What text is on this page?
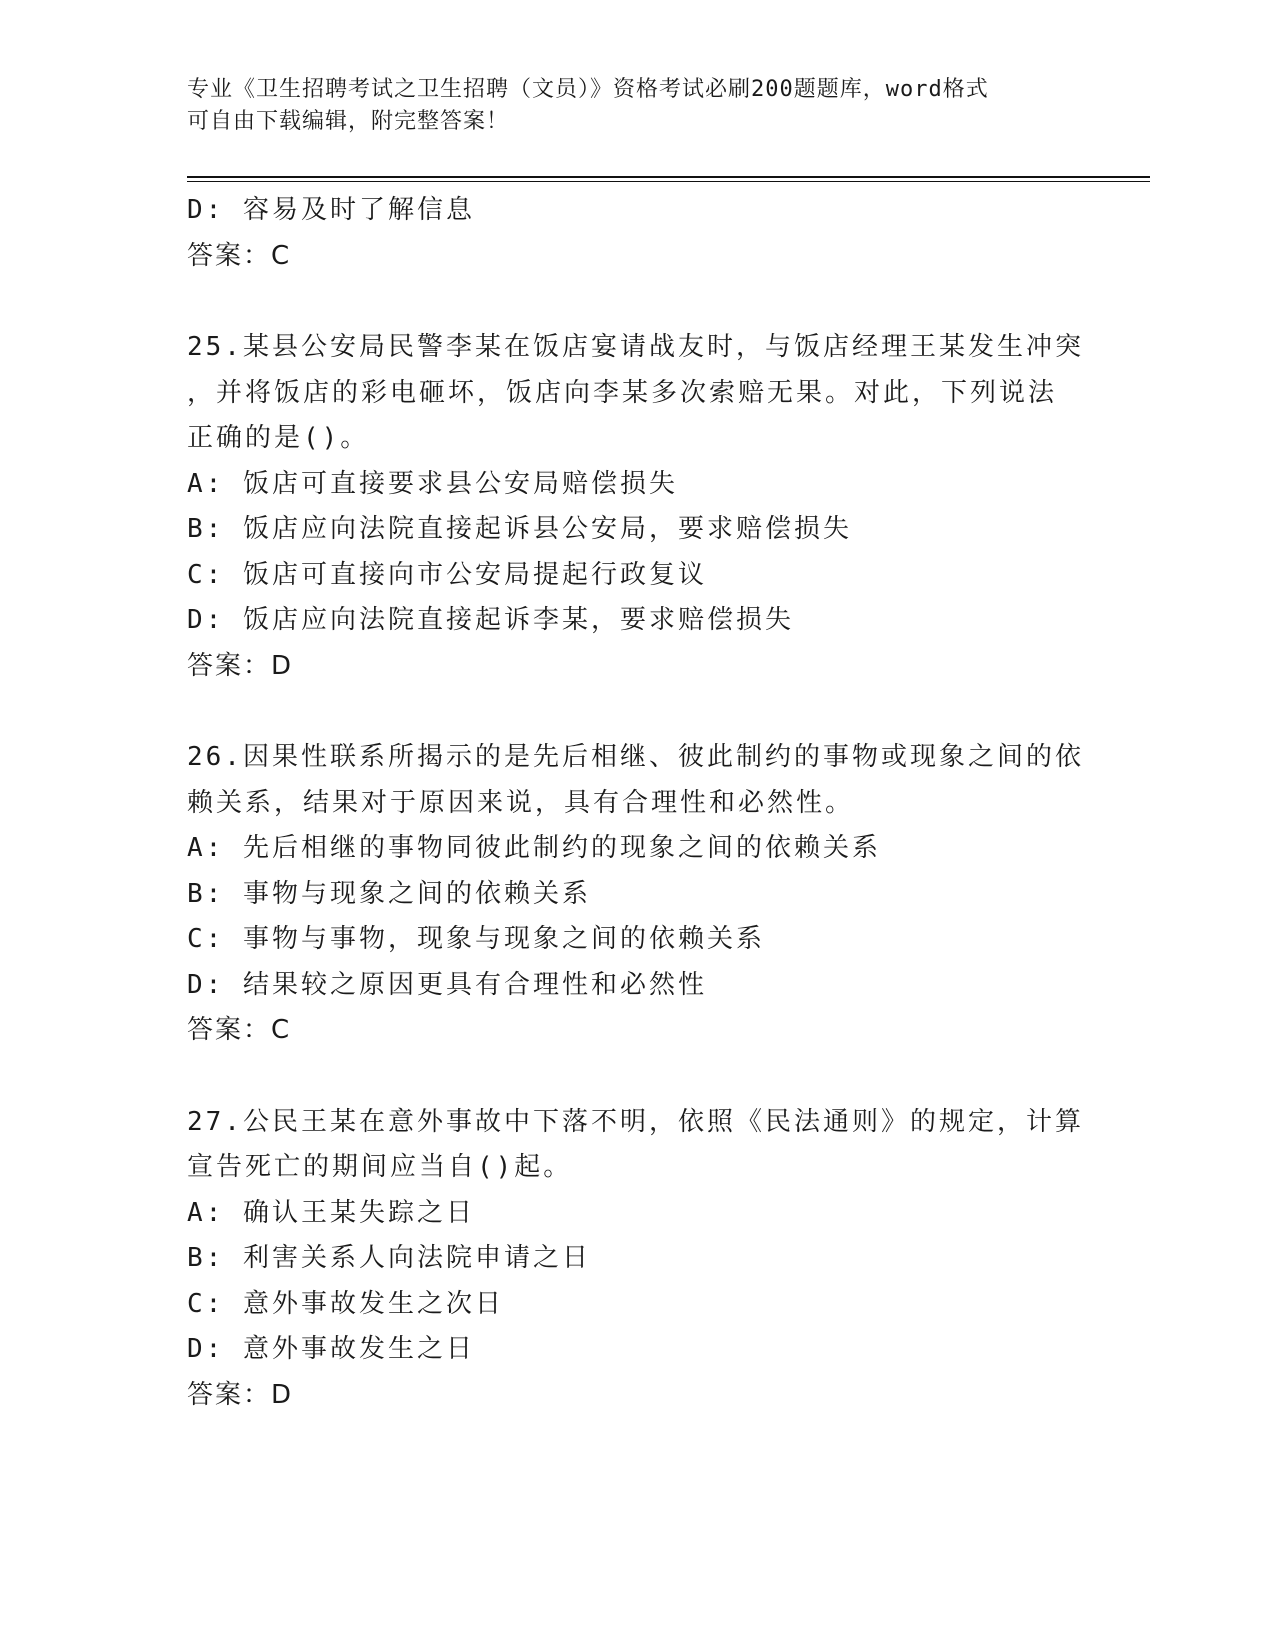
专业《卫生招聘考试之卫生招聘（文员）》资格考试必刷200题题库，word格式
可自由下载编辑，附完整答案！
D: 容易及时了解信息
答案：C
25.某县公安局民警李某在饭店宴请战友时，与饭店经理王某发生冲突
，并将饭店的彩电砸坏，饭店向李某多次索赔无果。对此，下列说法
正确的是()。
A: 饭店可直接要求县公安局赔偿损失
B: 饭店应向法院直接起诉县公安局，要求赔偿损失
C: 饭店可直接向市公安局提起行政复议
D: 饭店应向法院直接起诉李某，要求赔偿损失
答案：D
26.因果性联系所揭示的是先后相继、彼此制约的事物或现象之间的依
赖关系，结果对于原因来说，具有合理性和必然性。
A: 先后相继的事物同彼此制约的现象之间的依赖关系
B: 事物与现象之间的依赖关系
C: 事物与事物，现象与现象之间的依赖关系
D: 结果较之原因更具有合理性和必然性
答案：C
27.公民王某在意外事故中下落不明，依照《民法通则》的规定，计算
宣告死亡的期间应当自()起。
A: 确认王某失踪之日
B: 利害关系人向法院申请之日
C: 意外事故发生之次日
D: 意外事故发生之日
答案：D
